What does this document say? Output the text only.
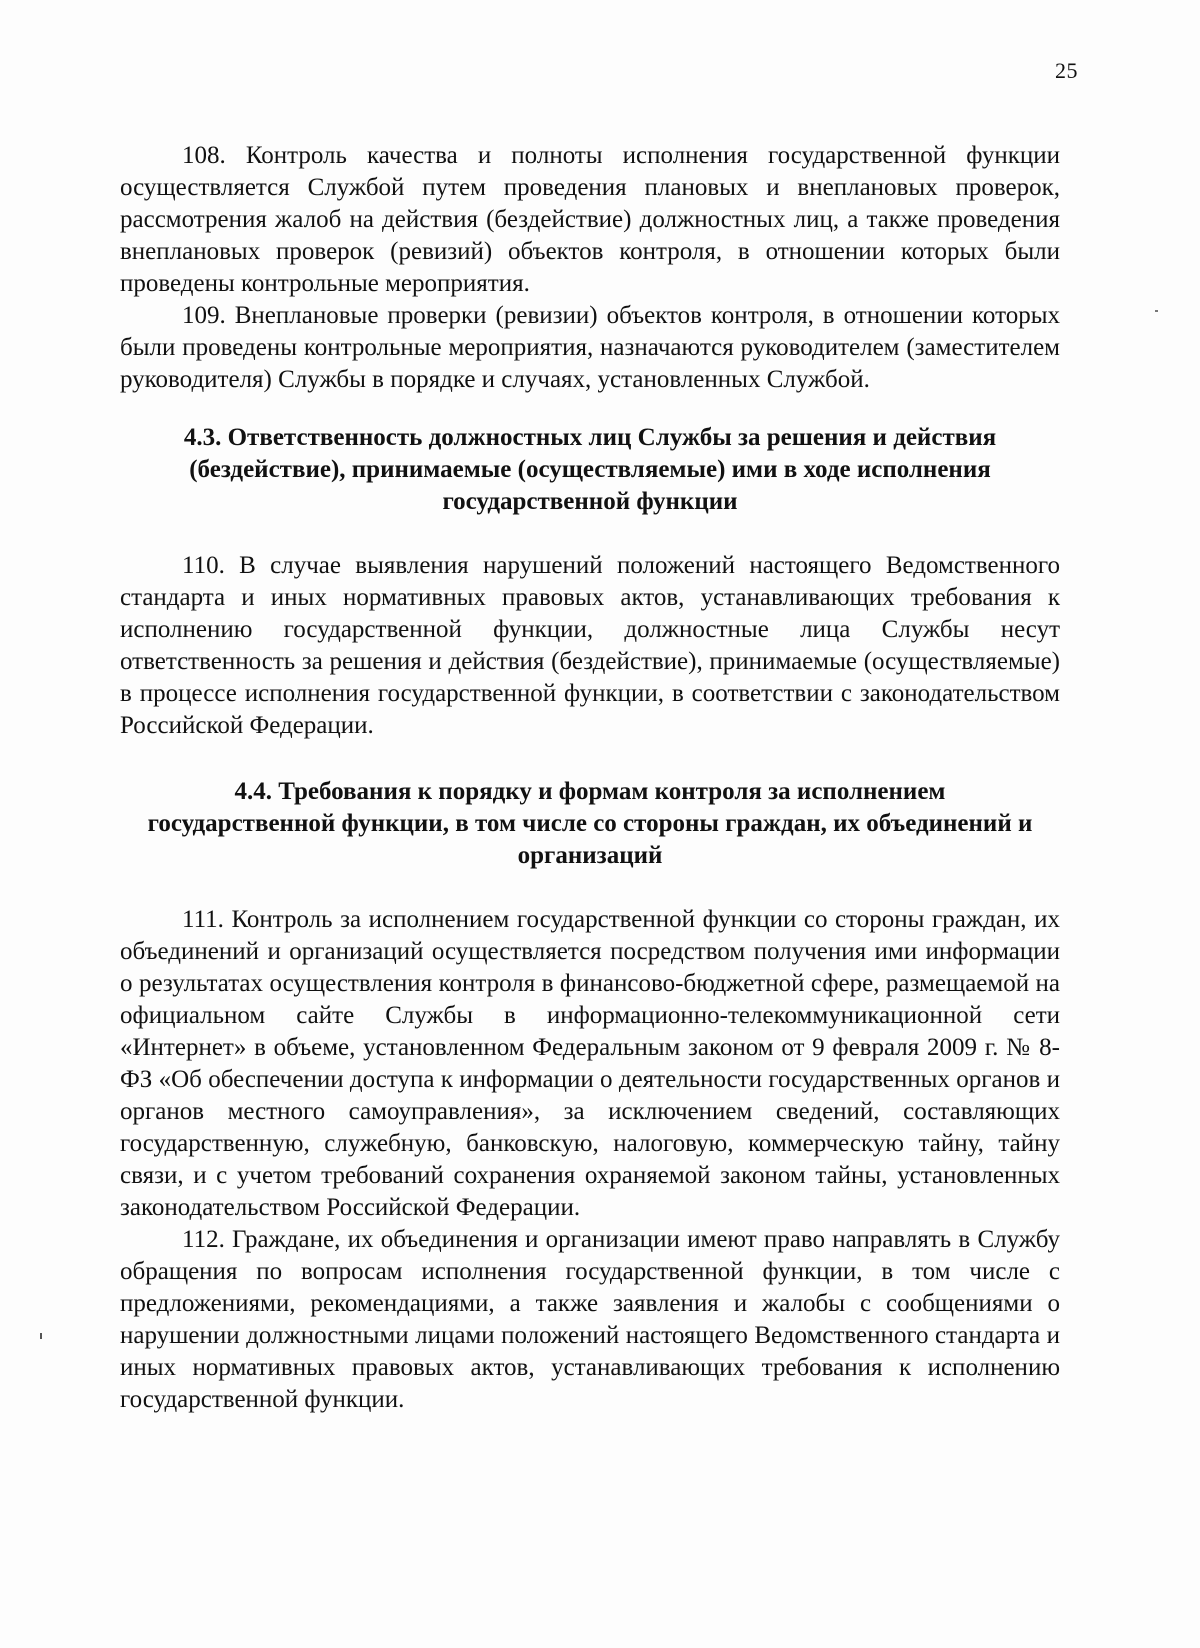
25

108. Контроль качества и полноты исполнения государственной функции осуществляется Службой путем проведения плановых и внеплановых проверок, рассмотрения жалоб на действия (бездействие) должностных лиц, а также проведения внеплановых проверок (ревизий) объектов контроля, в отношении которых были проведены контрольные мероприятия.

109. Внеплановые проверки (ревизии) объектов контроля, в отношении которых были проведены контрольные мероприятия, назначаются руководителем (заместителем руководителя) Службы в порядке и случаях, установленных Службой.

4.3. Ответственность должностных лиц Службы за решения и действия
(бездействие), принимаемые (осуществляемые) ими в ходе исполнения
государственной функции

110. В случае выявления нарушений положений настоящего Ведомственного стандарта и иных нормативных правовых актов, устанавливающих требования к исполнению государственной функции, должностные лица Службы несут ответственность за решения и действия (бездействие), принимаемые (осуществляемые) в процессе исполнения государственной функции, в соответствии с законодательством Российской Федерации.

4.4. Требования к порядку и формам контроля за исполнением
государственной функции, в том числе со стороны граждан, их объединений и
организаций

111. Контроль за исполнением государственной функции со стороны граждан, их объединений и организаций осуществляется посредством получения ими информации о результатах осуществления контроля в финансово-бюджетной сфере, размещаемой на официальном сайте Службы в информационно-телекоммуникационной сети «Интернет» в объеме, установленном Федеральным законом от 9 февраля 2009 г. № 8-ФЗ «Об обеспечении доступа к информации о деятельности государственных органов и органов местного самоуправления», за исключением сведений, составляющих государственную, служебную, банковскую, налоговую, коммерческую тайну, тайну связи, и с учетом требований сохранения охраняемой законом тайны, установленных законодательством Российской Федерации.

112. Граждане, их объединения и организации имеют право направлять в Службу обращения по вопросам исполнения государственной функции, в том числе с предложениями, рекомендациями, а также заявления и жалобы с сообщениями о нарушении должностными лицами положений настоящего Ведомственного стандарта и иных нормативных правовых актов, устанавливающих требования к исполнению государственной функции.
